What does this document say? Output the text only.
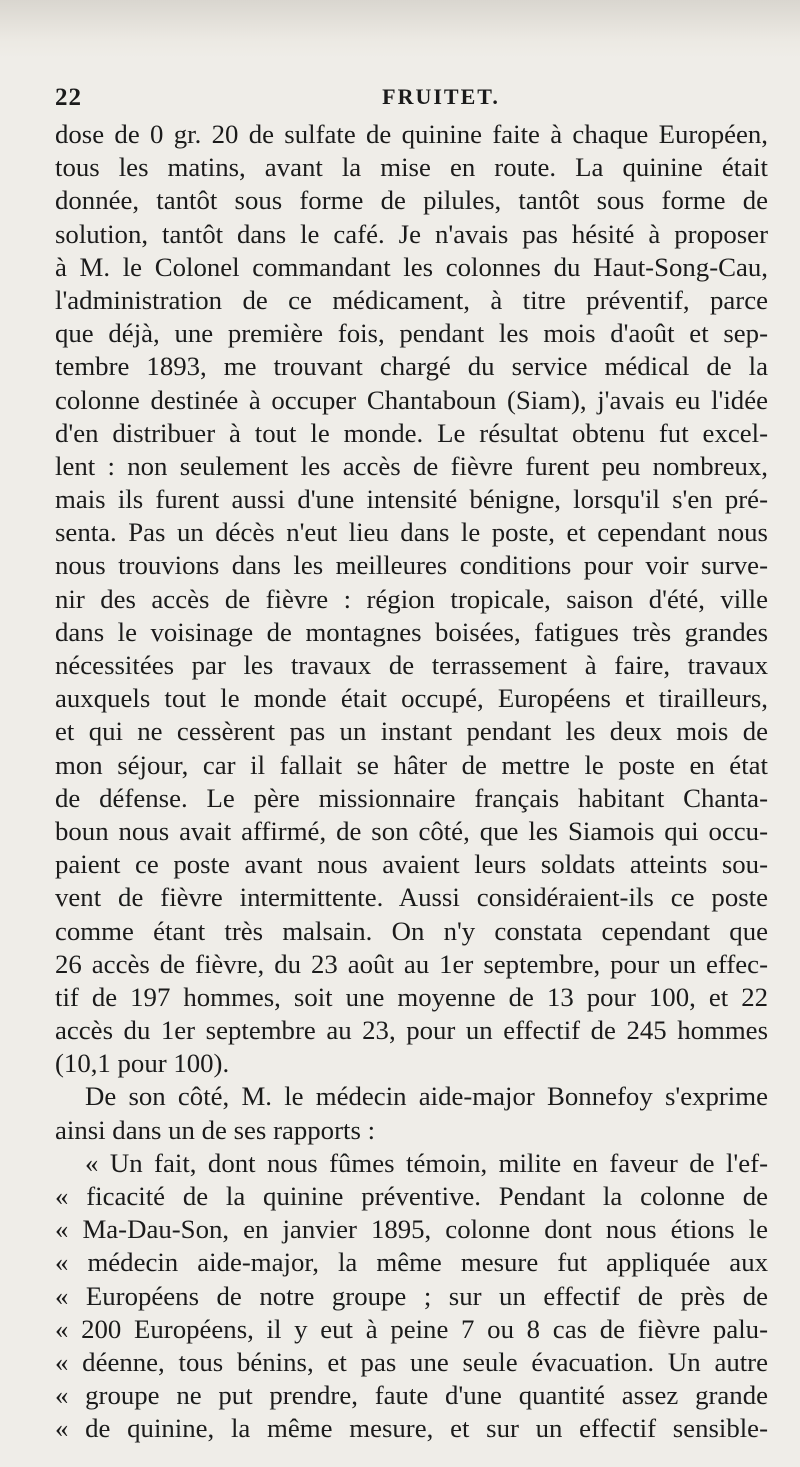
22	FRUITET.
dose de 0 gr. 20 de sulfate de quinine faite à chaque Européen,
tous les matins, avant la mise en route. La quinine était
donnée, tantôt sous forme de pilules, tantôt sous forme de
solution, tantôt dans le café. Je n'avais pas hésité à proposer
à M. le Colonel commandant les colonnes du Haut-Song-Cau,
l'administration de ce médicament, à titre préventif, parce
que déjà, une première fois, pendant les mois d'août et sep-
tembre 1893, me trouvant chargé du service médical de la
colonne destinée à occuper Chantaboun (Siam), j'avais eu l'idée
d'en distribuer à tout le monde. Le résultat obtenu fut excel-
lent : non seulement les accès de fièvre furent peu nombreux,
mais ils furent aussi d'une intensité bénigne, lorsqu'il s'en pré-
senta. Pas un décès n'eut lieu dans le poste, et cependant nous
nous trouvions dans les meilleures conditions pour voir surve-
nir des accès de fièvre : région tropicale, saison d'été, ville
dans le voisinage de montagnes boisées, fatigues très grandes
nécessitées par les travaux de terrassement à faire, travaux
auxquels tout le monde était occupé, Européens et tirailleurs,
et qui ne cessèrent pas un instant pendant les deux mois de
mon séjour, car il fallait se hâter de mettre le poste en état
de défense. Le père missionnaire français habitant Chanta-
boun nous avait affirmé, de son côté, que les Siamois qui occu-
paient ce poste avant nous avaient leurs soldats atteints sou-
vent de fièvre intermittente. Aussi considéraient-ils ce poste
comme étant très malsain. On n'y constata cependant que
26 accès de fièvre, du 23 août au 1er septembre, pour un effec-
tif de 197 hommes, soit une moyenne de 13 pour 100, et 22
accès du 1er septembre au 23, pour un effectif de 245 hommes
(10,1 pour 100).
De son côté, M. le médecin aide-major Bonnefoy s'exprime
ainsi dans un de ses rapports :
« Un fait, dont nous fûmes témoin, milite en faveur de l'ef-
« ficacité de la quinine préventive. Pendant la colonne de
« Ma-Dau-Son, en janvier 1895, colonne dont nous étions le
« médecin aide-major, la même mesure fut appliquée aux
« Européens de notre groupe ; sur un effectif de près de
« 200 Européens, il y eut à peine 7 ou 8 cas de fièvre palu-
« déenne, tous bénins, et pas une seule évacuation. Un autre
« groupe ne put prendre, faute d'une quantité assez grande
« de quinine, la même mesure, et sur un effectif sensible-
